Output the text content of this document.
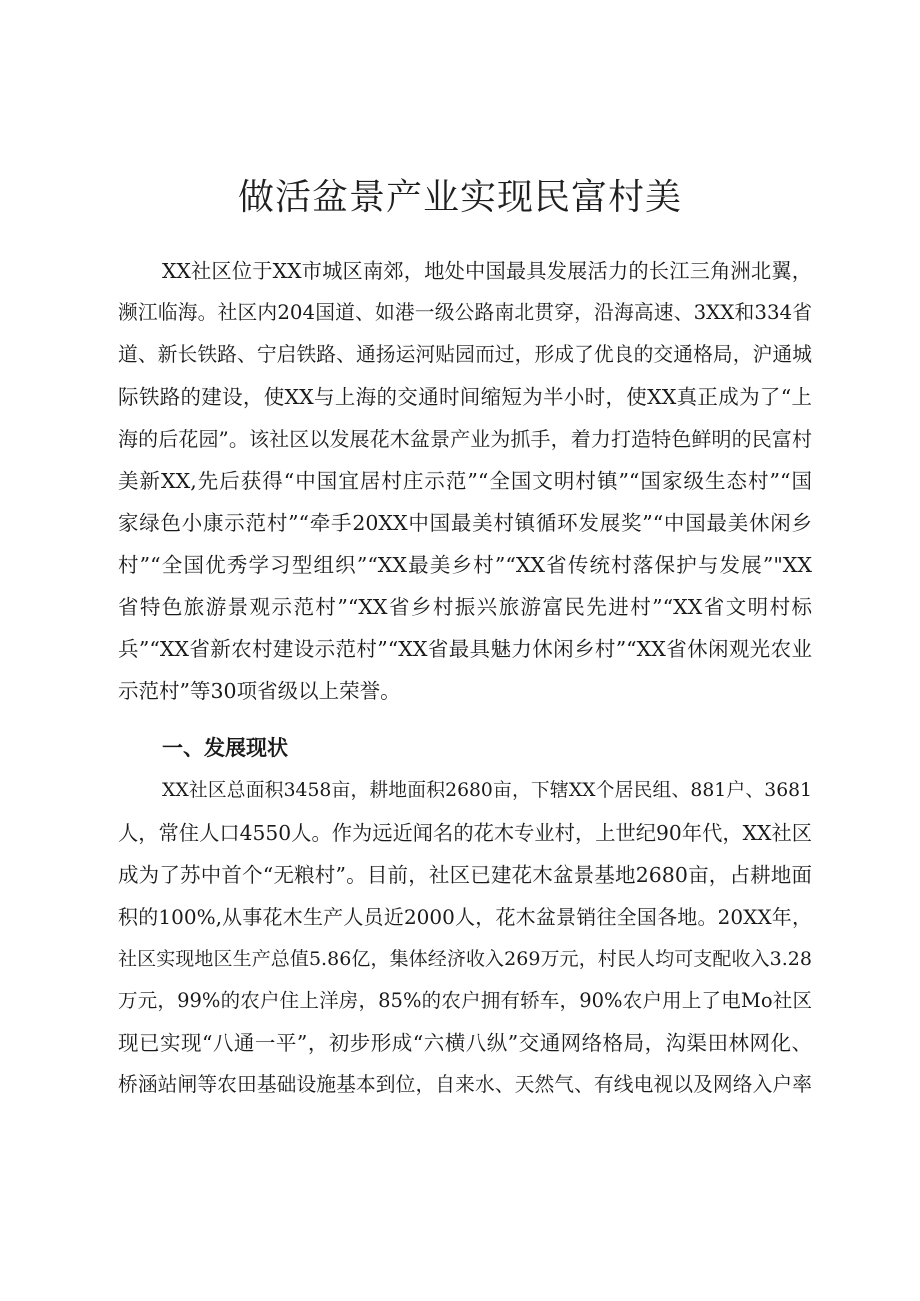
做活盆景产业实现民富村美

XX社区位于XX市城区南郊，地处中国最具发展活力的长江三角洲北翼，

濒江临海。社区内204国道、如港一级公路南北贯穿，沿海高速、3XX和334省

道、新长铁路、宁启铁路、通扬运河贴园而过，形成了优良的交通格局，沪通城

际铁路的建设，使XX与上海的交通时间缩短为半小时，使XX真正成为了“上

海的后花园”。该社区以发展花木盆景产业为抓手，着力打造特色鲜明的民富村

美新XX,先后获得“中国宜居村庄示范”“全国文明村镇”“国家级生态村”“国

家绿色小康示范村”“牵手20XX中国最美村镇循环发展奖”“中国最美休闲乡

村”“全国优秀学习型组织”“XX最美乡村”“XX省传统村落保护与发展”"XX

省特色旅游景观示范村”“XX省乡村振兴旅游富民先进村”“XX省文明村标

兵”“XX省新农村建设示范村”“XX省最具魅力休闲乡村”“XX省休闲观光农业

示范村”等30项省级以上荣誉。

一、发展现状

XX社区总面积3458亩，耕地面积2680亩，下辖XX个居民组、881户、3681

人，常住人口4550人。作为远近闻名的花木专业村，上世纪90年代，XX社区

成为了苏中首个“无粮村”。目前，社区已建花木盆景基地2680亩，占耕地面

积的100%,从事花木生产人员近2000人，花木盆景销往全国各地。20XX年，

社区实现地区生产总值5.86亿，集体经济收入269万元，村民人均可支配收入3.28

万元，99%的农户住上洋房，85%的农户拥有轿车，90%农户用上了电Mo社区

现已实现“八通一平”，初步形成“六横八纵”交通网络格局，沟渠田林网化、

桥涵站闸等农田基础设施基本到位，自来水、天然气、有线电视以及网络入户率
